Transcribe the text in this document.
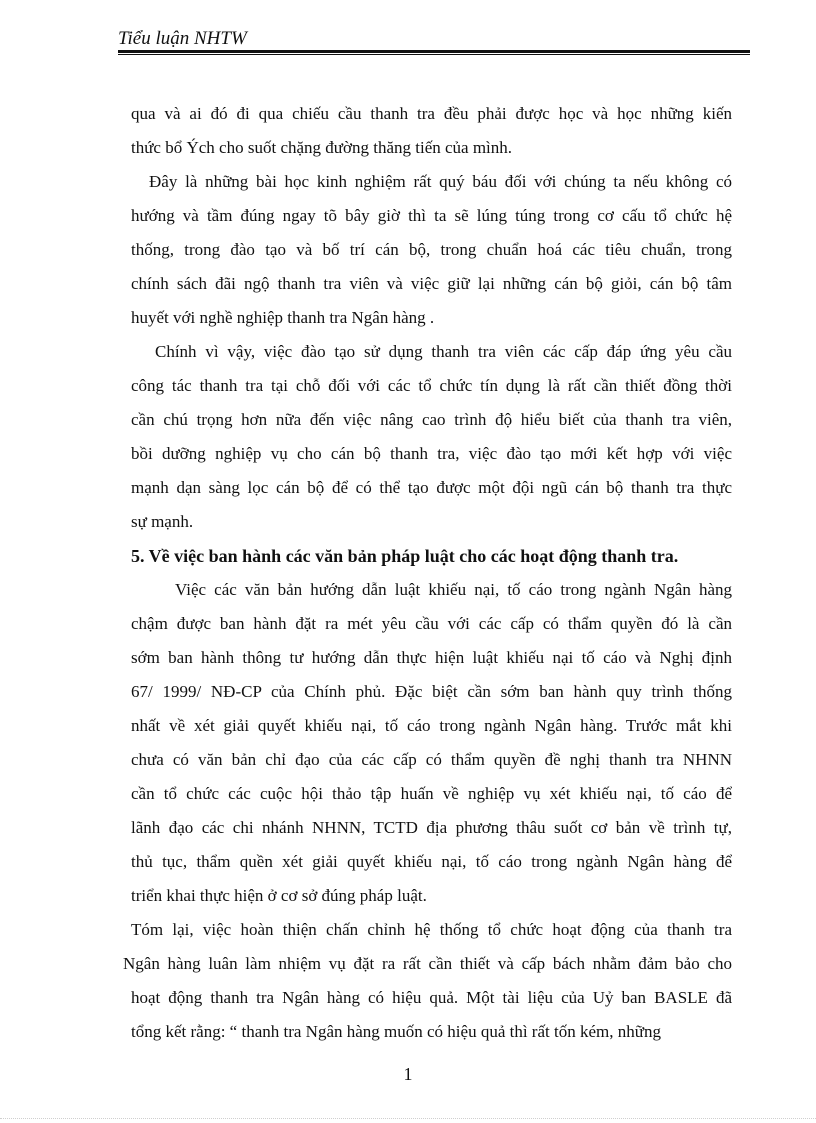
Tiểu luận NHTW
qua và ai đó đi qua chiếu cầu thanh tra đều phải được học và học những kiến
thức bổ Ých cho suốt chặng đường thăng tiến của mình.
Đây là những bài học kinh nghiệm rất quý báu đối với chúng ta nếu không có
hướng và tầm đúng ngay tõ bây giờ thì ta sẽ lúng túng trong cơ cấu tổ chức hệ
thống, trong đào tạo và bố trí cán bộ, trong chuẩn hoá các tiêu chuẩn, trong
chính sách đãi ngộ thanh tra viên và việc giữ lại những cán bộ giỏi, cán bộ tâm
huyết với nghề nghiệp thanh tra Ngân hàng .
Chính vì vậy, việc đào tạo sử dụng thanh tra viên các cấp đáp ứng yêu cầu
công tác thanh tra tại chỗ đối với các tổ chức tín dụng là rất cần thiết đồng thời
cần chú trọng hơn nữa đến việc nâng cao trình độ hiểu biết của thanh tra viên,
bồi dưỡng nghiệp vụ cho cán bộ thanh tra, việc đào tạo mới kết hợp với việc
mạnh dạn sàng lọc cán bộ để có thể tạo được một đội ngũ cán bộ thanh tra thực
sự mạnh.
5. Về việc ban hành các văn bản pháp luật cho các hoạt động thanh tra.
Việc các văn bản hướng dẫn luật khiếu nại, tố cáo trong ngành Ngân hàng
chậm được ban hành đặt ra mét yêu cầu với các cấp có thẩm quyền đó là cần
sớm ban hành thông tư hướng dẫn thực hiện luật khiếu nại tố cáo và Nghị định
67/ 1999/ NĐ-CP của Chính phủ. Đặc biệt cần sớm ban hành quy trình thống
nhất về xét giải quyết khiếu nại, tố cáo trong ngành Ngân hàng. Trước mắt khi
chưa có văn bản chỉ đạo của các cấp có thẩm quyền đề nghị thanh tra NHNN
cần tổ chức các cuộc hội thảo tập huấn về nghiệp vụ xét khiếu nại, tố cáo để
lãnh đạo các chi nhánh NHNN, TCTD địa phương thâu suốt cơ bản về trình tự,
thủ tục, thẩm quền xét giải quyết khiếu nại, tố cáo trong ngành Ngân hàng để
triển khai thực hiện ở cơ sở đúng pháp luật.
Tóm lại, việc hoàn thiện chấn chỉnh hệ thống tổ chức hoạt động của thanh tra
Ngân hàng luân làm nhiệm vụ đặt ra rất cần thiết và cấp bách nhằm đảm bảo cho
hoạt động thanh tra Ngân hàng có hiệu quả. Một tài liệu của Uỷ ban BASLE đã
tổng kết rằng: “ thanh tra Ngân hàng muốn có hiệu quả thì rất tốn kém, những
1
